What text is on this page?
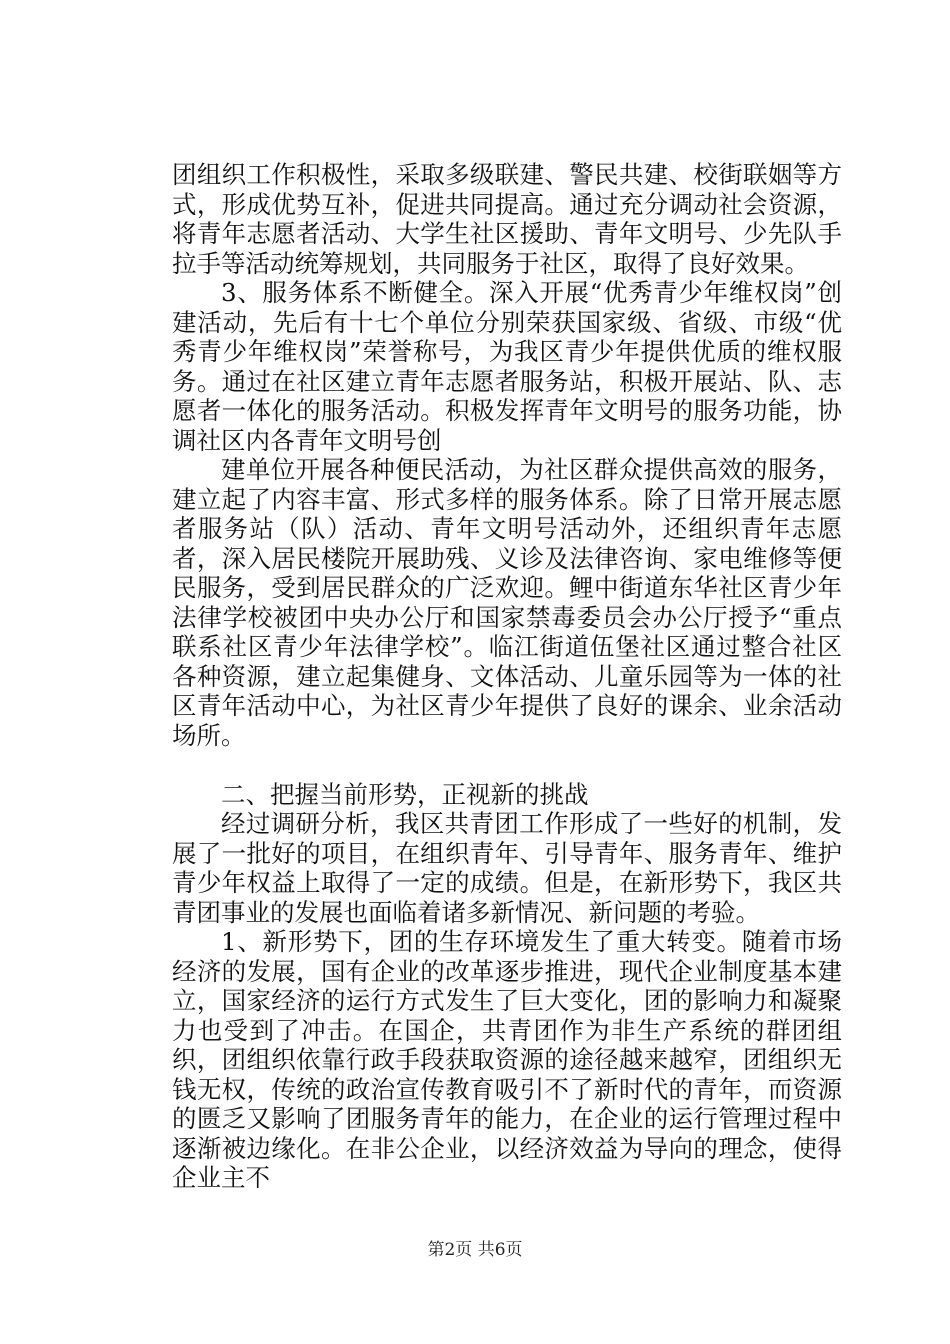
团组织工作积极性，采取多级联建、警民共建、校街联姻等方式，形成优势互补，促进共同提高。通过充分调动社会资源，将青年志愿者活动、大学生社区援助、青年文明号、少先队手拉手等活动统筹规划，共同服务于社区，取得了良好效果。

3、服务体系不断健全。深入开展“优秀青少年维权岗”创建活动，先后有十七个单位分别荣获国家级、省级、市级“优秀青少年维权岗”荣誉称号，为我区青少年提供优质的维权服务。通过在社区建立青年志愿者服务站，积极开展站、队、志愿者一体化的服务活动。积极发挥青年文明号的服务功能，协调社区内各青年文明号创

建单位开展各种便民活动，为社区群众提供高效的服务，建立起了内容丰富、形式多样的服务体系。除了日常开展志愿者服务站（队）活动、青年文明号活动外，还组织青年志愿者，深入居民楼院开展助残、义诊及法律咨询、家电维修等便民服务，受到居民群众的广泛欢迎。鲤中街道东华社区青少年法律学校被团中央办公厅和国家禁毒委员会办公厅授予“重点联系社区青少年法律学校”。临江街道伍堡社区通过整合社区各种资源，建立起集健身、文体活动、儿童乐园等为一体的社区青年活动中心，为社区青少年提供了良好的课余、业余活动场所。

二、把握当前形势，正视新的挑战

经过调研分析，我区共青团工作形成了一些好的机制，发展了一批好的项目，在组织青年、引导青年、服务青年、维护青少年权益上取得了一定的成绩。但是，在新形势下，我区共青团事业的发展也面临着诸多新情况、新问题的考验。

1、新形势下，团的生存环境发生了重大转变。随着市场经济的发展，国有企业的改革逐步推进，现代企业制度基本建立，国家经济的运行方式发生了巨大变化，团的影响力和凝聚力也受到了冲击。在国企，共青团作为非生产系统的群团组织，团组织依靠行政手段获取资源的途径越来越窄，团组织无钱无权，传统的政治宣传教育吸引不了新时代的青年，而资源的匮乏又影响了团服务青年的能力，在企业的运行管理过程中逐渐被边缘化。在非公企业，以经济效益为导向的理念，使得企业主不

第2页 共6页
